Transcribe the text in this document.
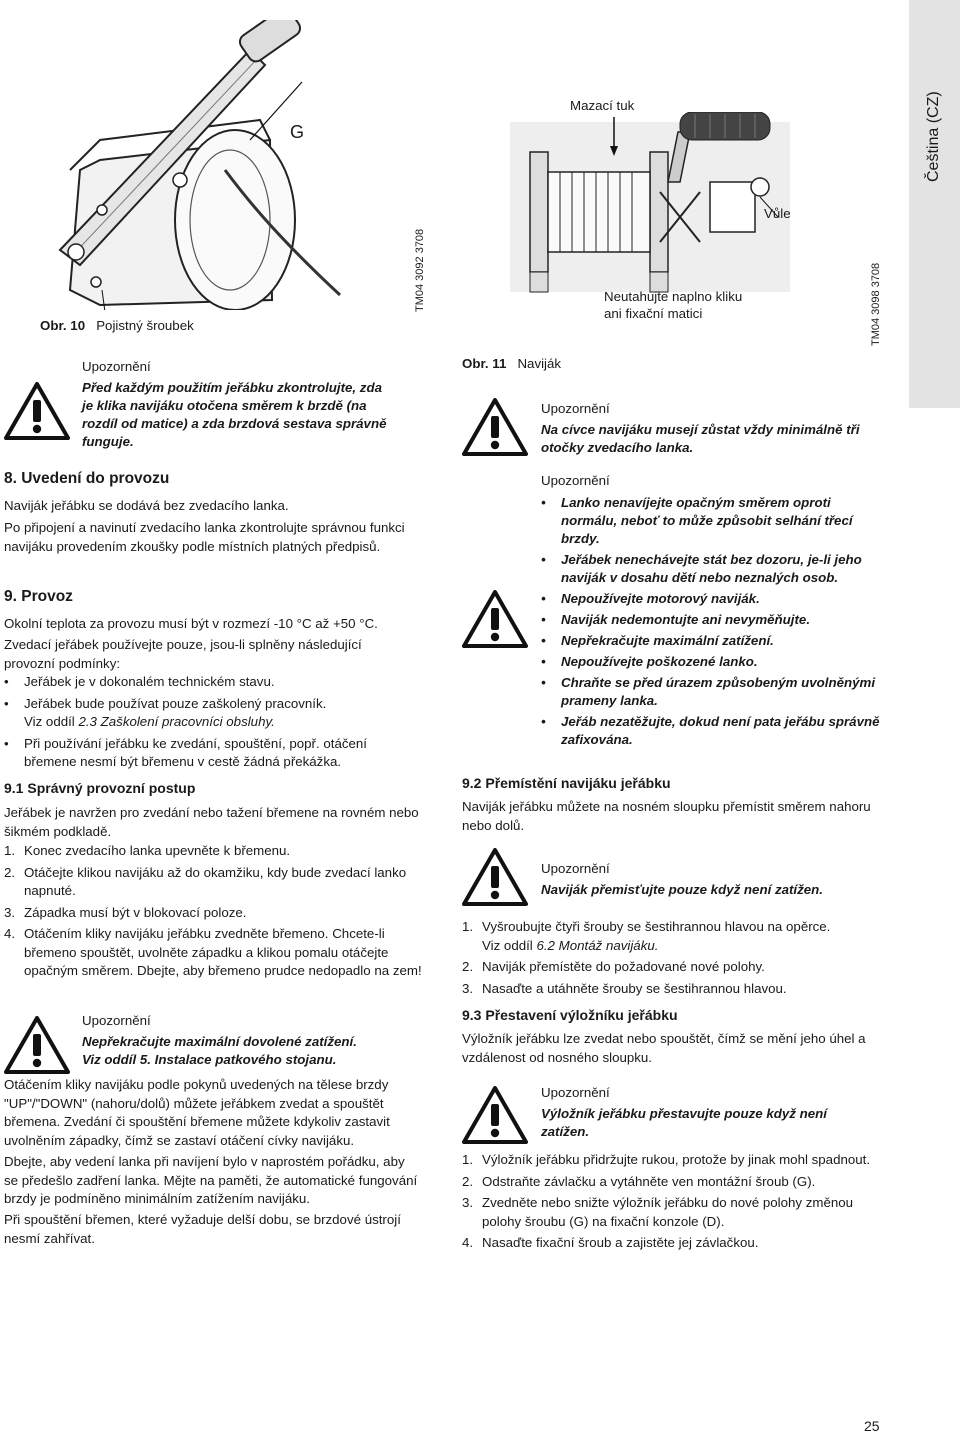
Čeština (CZ)
G
Obr. 10 Pojistný šroubek
TM04 3092 3708
Mazací tuk
Vůle
Neutahujte naplno kliku
ani fixační matici	TM04 3098 3708
Obr. 11 Naviják
Upozornění
Před každým použitím jeřábku zkontrolujte, zda je klika navijáku otočena směrem k brzdě (na rozdíl od matice) a zda brzdová sestava správně funguje.
Upozornění
Na cívce navijáku musejí zůstat vždy minimálně tři otočky zvedacího lanka.
8. Uvedení do provozu
Naviják jeřábku se dodává bez zvedacího lanka.
Po připojení a navinutí zvedacího lanka zkontrolujte správnou funkci navijáku provedením zkoušky podle místních platných předpisů.
9. Provoz
Okolní teplota za provozu musí být v rozmezí -10 °C až +50 °C.
Zvedací jeřábek používejte pouze, jsou-li splněny následující provozní podmínky:
• Jeřábek je v dokonalém technickém stavu.
• Jeřábek bude používat pouze zaškolený pracovník.
Viz oddíl 2.3 Zaškolení pracovníci obsluhy.
• Při používání jeřábku ke zvedání, spouštění, popř. otáčení břemene nesmí být břemenu v cestě žádná překážka.
9.1 Správný provozní postup
Jeřábek je navržen pro zvedání nebo tažení břemene na rovném nebo šikmém podkladě.
1. Konec zvedacího lanka upevněte k břemenu.
2. Otáčejte klikou navijáku až do okamžiku, kdy bude zvedací lanko napnuté.
3. Západka musí být v blokovací poloze.
4. Otáčením kliky navijáku jeřábku zvedněte břemeno. Chcete-li břemeno spouštět, uvolněte západku a klikou pomalu otáčejte opačným směrem. Dbejte, aby břemeno prudce nedopadlo na zem!
Upozornění
Nepřekračujte maximální dovolené zatížení.
Viz oddíl 5. Instalace patkového stojanu.
Otáčením kliky navijáku podle pokynů uvedených na tělese brzdy "UP"/"DOWN" (nahoru/dolů) můžete jeřábkem zvedat a spouštět břemena. Zvedání či spouštění břemene můžete kdykoliv zastavit uvolněním západky, čímž se zastaví otáčení cívky navijáku.
Dbejte, aby vedení lanka při navíjení bylo v naprostém pořádku, aby se předešlo zadření lanka. Mějte na paměti, že automatické fungování brzdy je podmíněno minimálním zatížením navijáku.
Při spouštění břemen, které vyžaduje delší dobu, se brzdové ústrojí nesmí zahřívat.
Upozornění
• Lanko nenavíjejte opačným směrem oproti normálu, neboť to může způsobit selhání třecí brzdy.
• Jeřábek nenechávejte stát bez dozoru, je-li jeho naviják v dosahu dětí nebo neznalých osob.
• Nepoužívejte motorový naviják.
• Naviják nedemontujte ani nevyměňujte.
• Nepřekračujte maximální zatížení.
• Nepoužívejte poškozené lanko.
• Chraňte se před úrazem způsobeným uvolněnými prameny lanka.
• Jeřáb nezatěžujte, dokud není pata jeřábu správně zafixována.
9.2 Přemístění navijáku jeřábku
Naviják jeřábku můžete na nosném sloupku přemístit směrem nahoru nebo dolů.
Upozornění
Naviják přemisťujte pouze když není zatížen.
1. Vyšroubujte čtyři šrouby se šestihrannou hlavou na opěrce.
Viz oddíl 6.2 Montáž navijáku.
2. Naviják přemístěte do požadované nové polohy.
3. Nasaďte a utáhněte šrouby se šestihrannou hlavou.
9.3 Přestavení výložníku jeřábku
Výložník jeřábku lze zvedat nebo spouštět, čímž se mění jeho úhel a vzdálenost od nosného sloupku.
Upozornění
Výložník jeřábku přestavujte pouze když není zatížen.
1. Výložník jeřábku přidržujte rukou, protože by jinak mohl spadnout.
2. Odstraňte závlačku a vytáhněte ven montážní šroub (G).
3. Zvedněte nebo snižte výložník jeřábku do nové polohy změnou polohy šroubu (G) na fixační konzole (D).
4. Nasaďte fixační šroub a zajistěte jej závlačkou.
25
